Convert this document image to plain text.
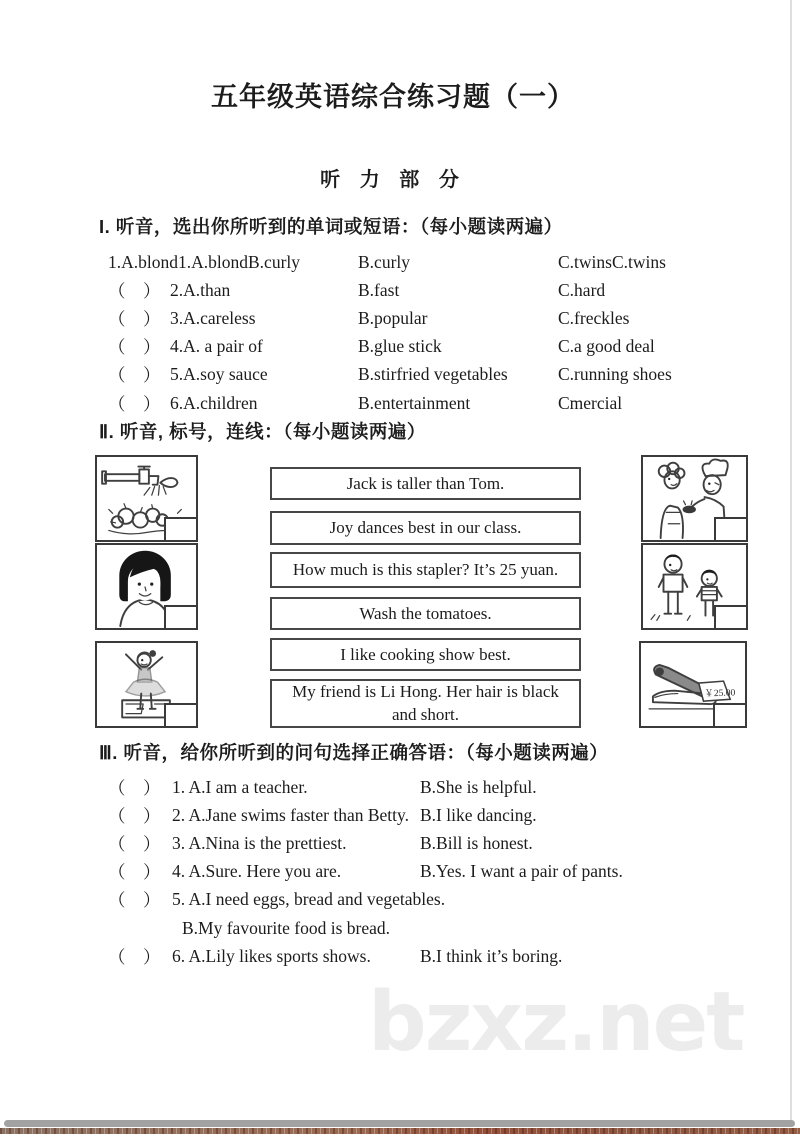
五年级英语综合练习题（一）
听 力 部 分
I. 听音，选出你所听到的单词或短语：（每小题读两遍）
1.A.blond1.A.blondB.curly	B.curly	C.twinsC.twins
（　） 2.A.than	B.fast	C.hard
（　） 3.A.careless	B.popular	C.freckles
（　） 4.A. a pair of	B.glue stick	C.a good deal
（　） 5.A.soy sauce	B.stirfried vegetables	C.running shoes
（　） 6.A.children	B.entertainment	Cmercial
Ⅱ. 听音, 标号，连线：（每小题读两遍）
Jack is taller than Tom.
Joy dances best in our class.
How much is this stapler? It’s 25 yuan.
Wash the tomatoes.
I like cooking show best.
My friend is Li Hong. Her hair is black and short.
￥25.00
Ⅲ. 听音，给你所听到的问句选择正确答语：（每小题读两遍）
（　） 1. A.I am a teacher.	B.She is helpful.
（　） 2. A.Jane swims faster than Betty. B.I like dancing.
（　） 3. A.Nina is the prettiest.	B.Bill is honest.
（　） 4. A.Sure. Here you are.	B.Yes. I want a pair of pants.
（　） 5. A.I need eggs, bread and vegetables.
B.My favourite food is bread.
（　） 6. A.Lily likes sports shows.	B.I think it’s boring.
bzxz.net
